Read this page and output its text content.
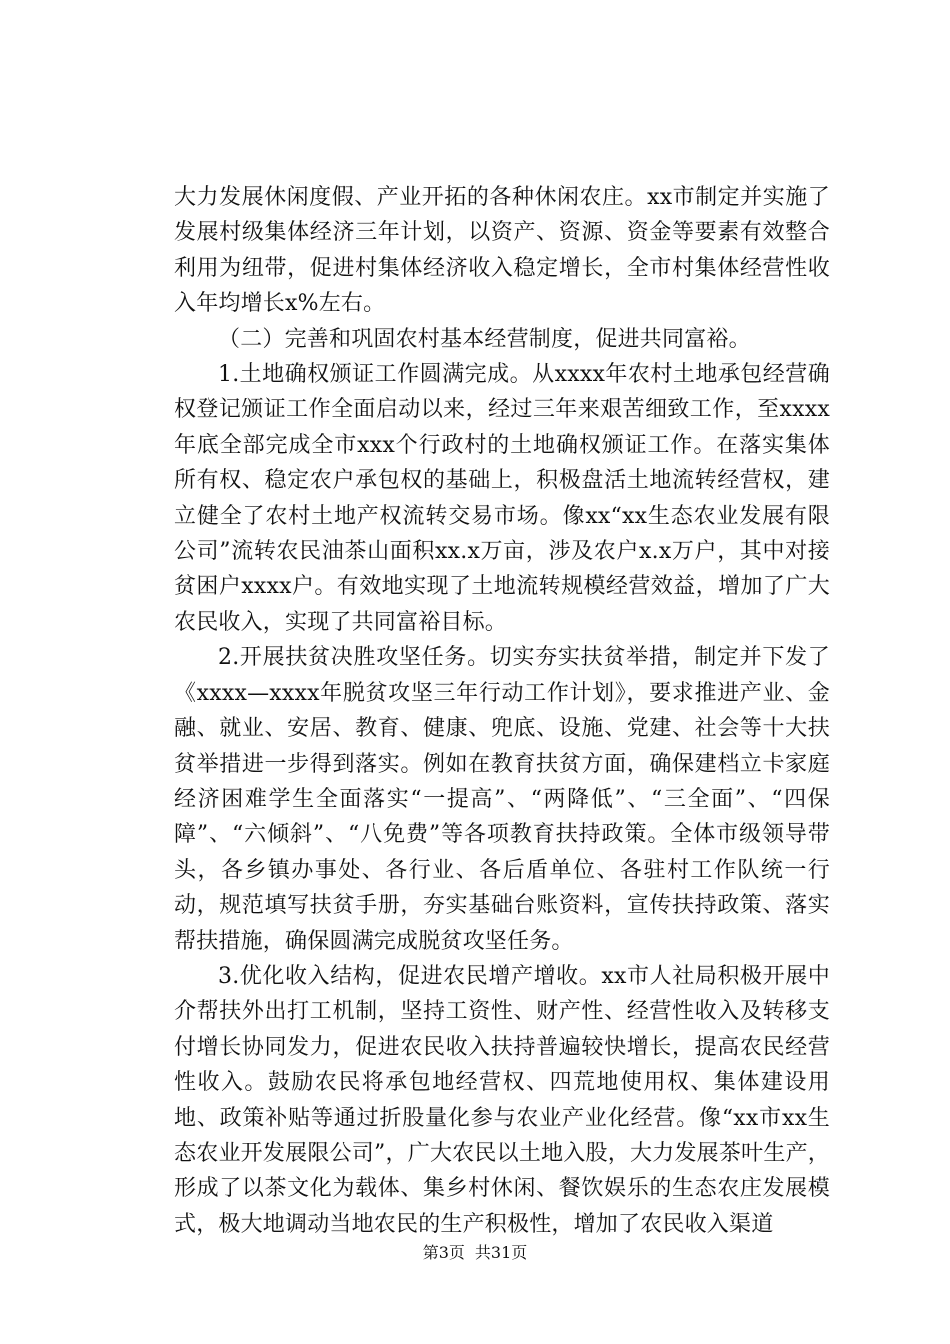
大力发展休闲度假、产业开拓的各种休闲农庄。xx市制定并实施了发展村级集体经济三年计划，以资产、资源、资金等要素有效整合利用为纽带，促进村集体经济收入稳定增长，全市村集体经营性收入年均增长x%左右。

（二）完善和巩固农村基本经营制度，促进共同富裕。

1.土地确权颁证工作圆满完成。从xxxx年农村土地承包经营确权登记颁证工作全面启动以来，经过三年来艰苦细致工作，至xxxx年底全部完成全市xxx个行政村的土地确权颁证工作。在落实集体所有权、稳定农户承包权的基础上，积极盘活土地流转经营权，建立健全了农村土地产权流转交易市场。像xx“xx生态农业发展有限公司”流转农民油茶山面积xx.x万亩，涉及农户x.x万户，其中对接贫困户xxxx户。有效地实现了土地流转规模经营效益，增加了广大农民收入，实现了共同富裕目标。

2.开展扶贫决胜攻坚任务。切实夯实扶贫举措，制定并下发了《xxxx—xxxx年脱贫攻坚三年行动工作计划》，要求推进产业、金融、就业、安居、教育、健康、兜底、设施、党建、社会等十大扶贫举措进一步得到落实。例如在教育扶贫方面，确保建档立卡家庭经济困难学生全面落实“一提高”、“两降低”、“三全面”、“四保障”、“六倾斜”、“八免费”等各项教育扶持政策。全体市级领导带头，各乡镇办事处、各行业、各后盾单位、各驻村工作队统一行动，规范填写扶贫手册，夯实基础台账资料，宣传扶持政策、落实帮扶措施，确保圆满完成脱贫攻坚任务。

3.优化收入结构，促进农民增产增收。xx市人社局积极开展中介帮扶外出打工机制，坚持工资性、财产性、经营性收入及转移支付增长协同发力，促进农民收入扶持普遍较快增长，提高农民经营性收入。鼓励农民将承包地经营权、四荒地使用权、集体建设用地、政策补贴等通过折股量化参与农业产业化经营。像“xx市xx生态农业开发展限公司”，广大农民以土地入股，大力发展茶叶生产，形成了以茶文化为载体、集乡村休闲、餐饮娱乐的生态农庄发展模式，极大地调动当地农民的生产积极性，增加了农民收入渠道

第3页 共31页
